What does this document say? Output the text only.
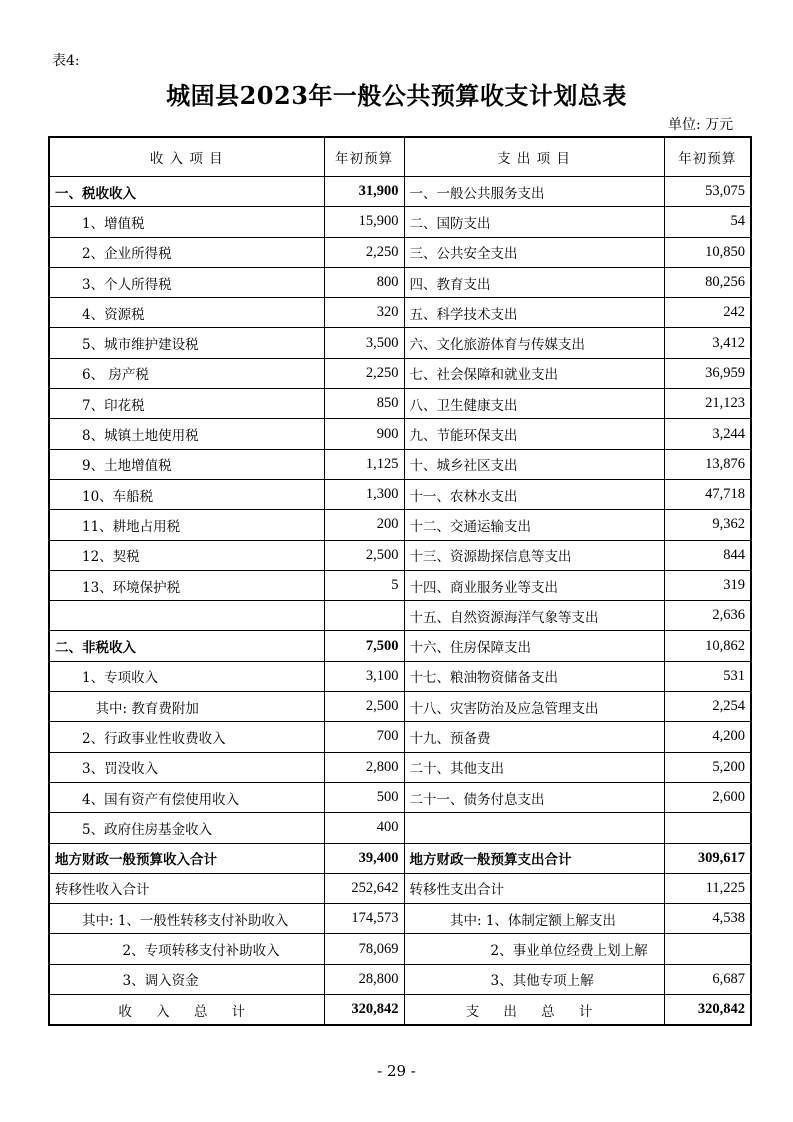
表4:
城固县2023年一般公共预算收支计划总表
单位: 万元
收 入 项 目	年初预算	支 出 项 目	年初预算
一、税收收入	31,900	一、一般公共服务支出	53,075
　　1、增值税	15,900	二、国防支出	54
　　2、企业所得税	2,250	三、公共安全支出	10,850
　　3、个人所得税	800	四、教育支出	80,256
　　4、资源税	320	五、科学技术支出	242
　　5、城市维护建设税	3,500	六、文化旅游体育与传媒支出	3,412
　　6、 房产税	2,250	七、社会保障和就业支出	36,959
　　7、印花税	850	八、卫生健康支出	21,123
　　8、城镇土地使用税	900	九、节能环保支出	3,244
　　9、土地增值税	1,125	十、城乡社区支出	13,876
　　10、车船税	1,300	十一、农林水支出	47,718
　　11、耕地占用税	200	十二、交通运输支出	9,362
　　12、契税	2,500	十三、资源勘探信息等支出	844
　　13、环境保护税	5	十四、商业服务业等支出	319
		十五、自然资源海洋气象等支出	2,636
二、非税收入	7,500	十六、住房保障支出	10,862
　　1、专项收入	3,100	十七、粮油物资储备支出	531
　　　其中: 教育费附加	2,500	十八、灾害防治及应急管理支出	2,254
　　2、行政事业性收费收入	700	十九、预备费	4,200
　　3、罚没收入	2,800	二十、其他支出	5,200
　　4、国有资产有偿使用收入	500	二十一、债务付息支出	2,600
　　5、政府住房基金收入	400		
地方财政一般预算收入合计	39,400	地方财政一般预算支出合计	309,617
转移性收入合计	252,642	转移性支出合计	11,225
　　其中: 1、一般性转移支付补助收入	174,573	　　　其中: 1、体制定额上解支出	4,538
　　　　　2、专项转移支付补助收入	78,069	　　　　　　2、事业单位经费上划上解	
　　　　　3、调入资金	28,800	　　　　　　3、其他专项上解	6,687
收 入 总 计	320,842	支 出 总 计	320,842
- 29 -
